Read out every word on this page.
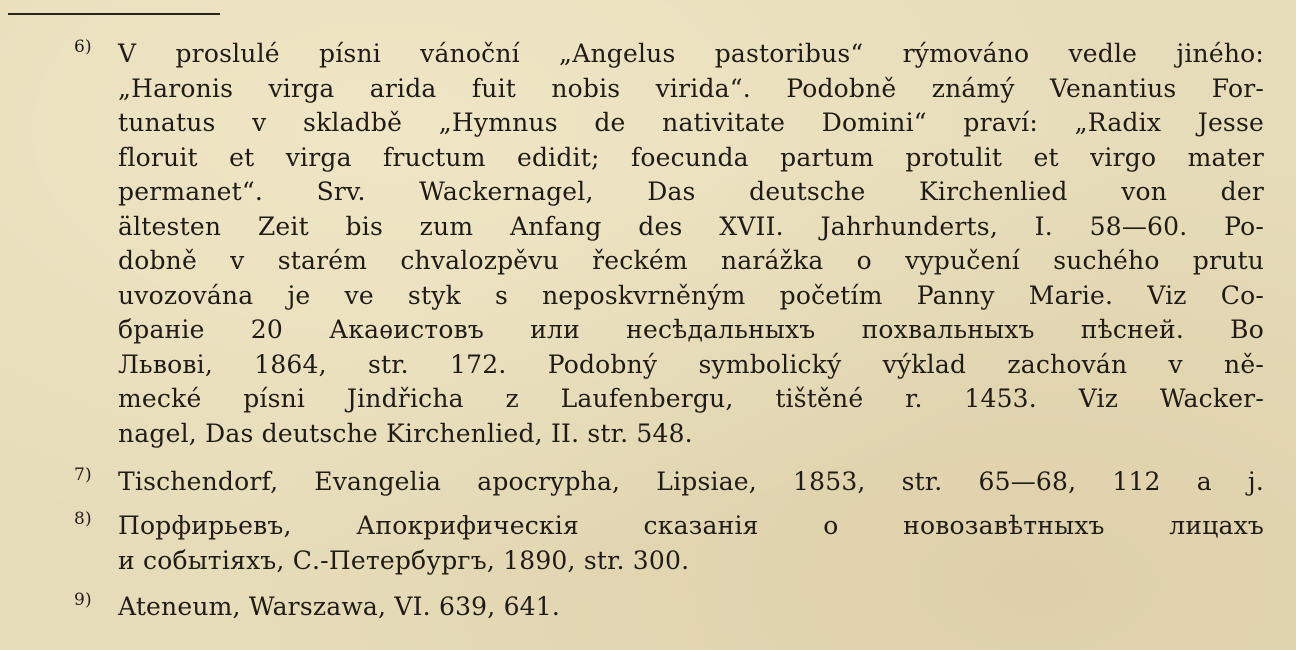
6)	V proslulé písni vánoční „Angelus pastoribus“ rýmováno vedle jiného:
„Haronis virga arida fuit nobis virida“. Podobně známý Venantius For-
tunatus v skladbě „Hymnus de nativitate Domini“ praví: „Radix Jesse
floruit et virga fructum edidit; foecunda partum protulit et virgo mater
permanet“. Srv. Wackernagel, Das deutsche Kirchenlied von der
ältesten Zeit bis zum Anfang des XVII. Jahrhunderts, I. 58—60. Po-
dobně v starém chvalozpěvu řeckém narážka o vypučení suchého prutu
uvozována je ve styk s neposkvrněným početím Panny Marie. Viz Co-
браніе 20 Акаѳистовъ или несѣдальныхъ похвальныхъ пѣсней. Во
Львові, 1864, str. 172. Podobný symbolický výklad zachován v ně-
mecké písni Jindřicha z Laufenbergu, tištěné r. 1453. Viz Wacker-
nagel, Das deutsche Kirchenlied, II. str. 548.
7)	Tischendorf, Evangelia apocrypha, Lipsiae, 1853, str. 65—68, 112 a j.
8)	Порфирьевъ, Апокрифическія сказанія о новозавѣтныхъ лицахъ
и событіяхъ, С.-Петербургъ, 1890, str. 300.
9)	Ateneum, Warszawa, VI. 639, 641.
